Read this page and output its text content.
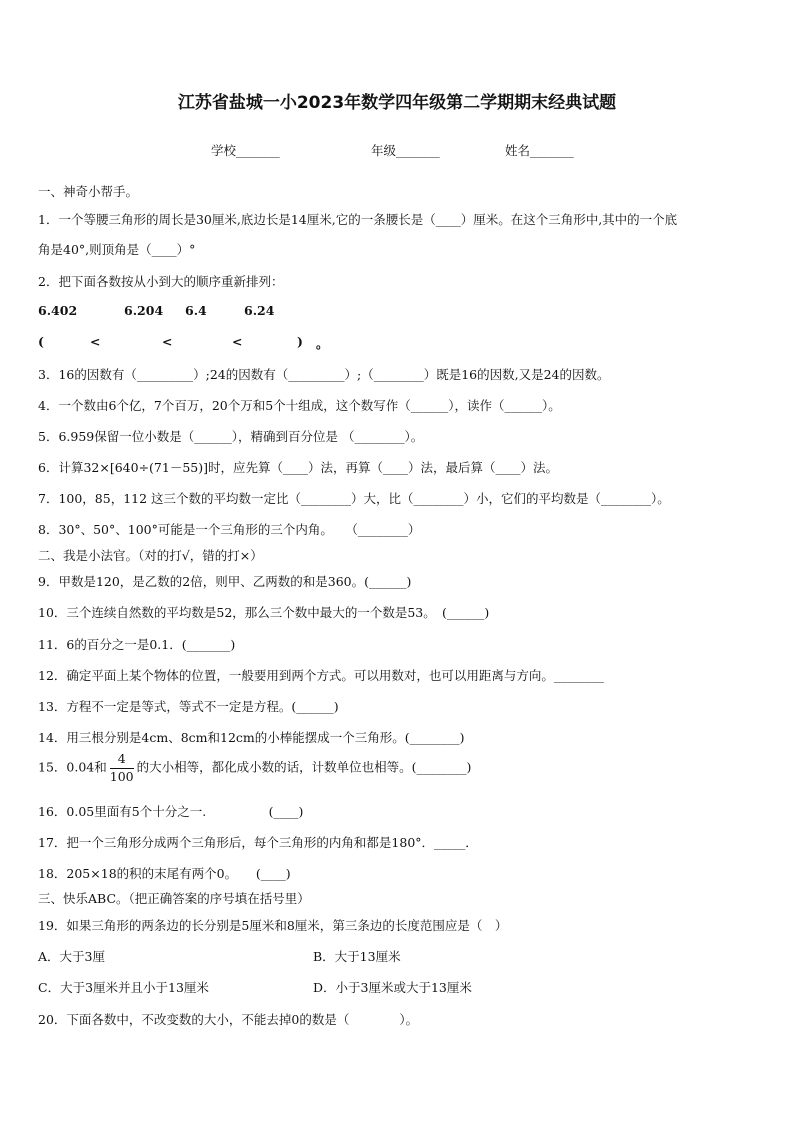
江苏省盐城一小2023年数学四年级第二学期期末经典试题
学校_______	年级_______	姓名_______
一、神奇小帮手。
1．一个等腰三角形的周长是30厘米,底边长是14厘米,它的一条腰长是（____）厘米。在这个三角形中,其中的一个底
角是40°,则顶角是（____）°
2．把下面各数按从小到大的顺序重新排列：
6.402	6.204 6.4	6.24
(	<	<	<	) 。
3．16的因数有（_________）;24的因数有（_________）;（________）既是16的因数,又是24的因数。
4．一个数由6个亿，7个百万，20个万和5个十组成，这个数写作（______），读作（______）。
5．6.959保留一位小数是（______），精确到百分位是 （________）。
6．计算32×[640÷(71－55)]时，应先算（____）法，再算（____）法，最后算（____）法。
7．100，85，112 这三个数的平均数一定比（________）大，比（________）小，它们的平均数是（________）。
8．30°、50°、100°可能是一个三角形的三个内角。　　（________）
二、我是小法官。（对的打√，错的打×）
9．甲数是120，是乙数的2倍，则甲、乙两数的和是360。(______)
10．三个连续自然数的平均数是52，那么三个数中最大的一个数是53。　(______)
11．6的百分之一是0.1．(_______)
12．确定平面上某个物体的位置，一般要用到两个方式。可以用数对，也可以用距离与方向。________
13．方程不一定是等式，等式不一定是方程。(______)
14．用三根分别是4cm、8cm和12cm的小棒能摆成一个三角形。(________)
15．0.04和 $\frac{4}{100}$ 的大小相等，都化成小数的话，计数单位也相等。(________)
16．0.05里面有5个十分之一.　　　　　(____)
17．把一个三角形分成两个三角形后，每个三角形的内角和都是180°．_____．
18．205×18的积的末尾有两个0。　　(____)
三、快乐ABC。（把正确答案的序号填在括号里）
19．如果三角形的两条边的长分别是5厘米和8厘米，第三条边的长度范围应是（　）
A．大于3厘	B．大于13厘米
C．大于3厘米并且小于13厘米	D．小于3厘米或大于13厘米
20．下面各数中，不改变数的大小，不能去掉0的数是（　　　　）。
